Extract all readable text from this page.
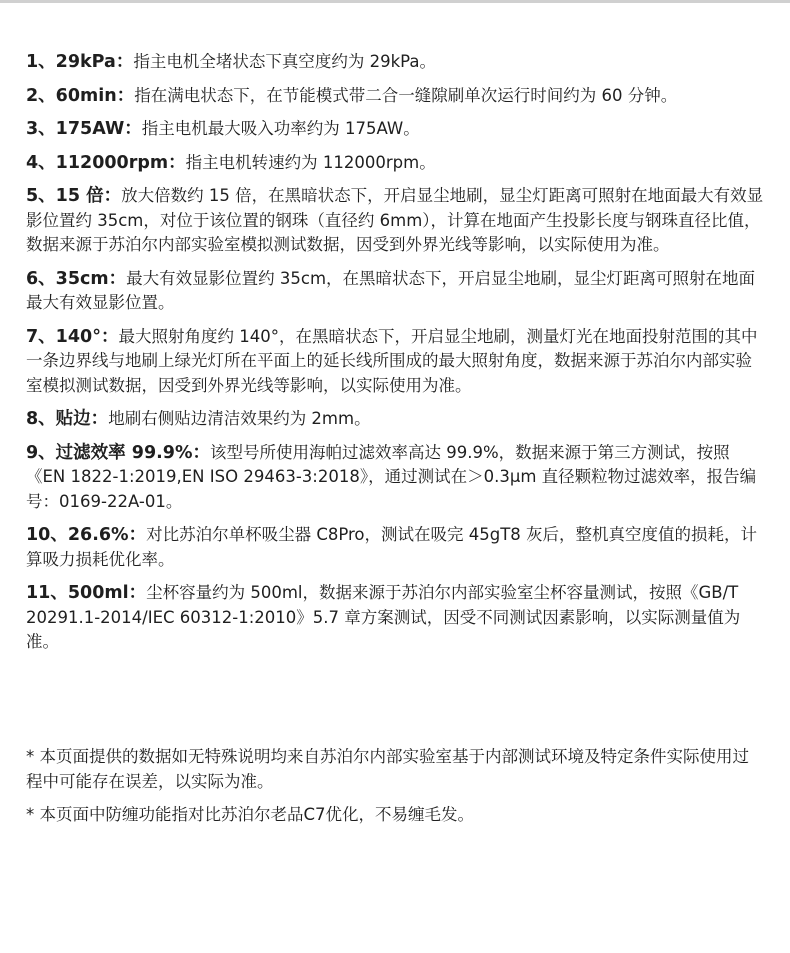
1、29kPa：指主电机全堵状态下真空度约为 29kPa。

2、60min：指在满电状态下，在节能模式带二合一缝隙刷单次运行时间约为 60 分钟。

3、175AW：指主电机最大吸入功率约为 175AW。

4、112000rpm：指主电机转速约为 112000rpm。

5、15 倍：放大倍数约 15 倍，在黑暗状态下，开启显尘地刷，显尘灯距离可照射在地面最大有效显影位置约 35cm，对位于该位置的钢珠（直径约 6mm），计算在地面产生投影长度与钢珠直径比值，数据来源于苏泊尔内部实验室模拟测试数据，因受到外界光线等影响，以实际使用为准。

6、35cm：最大有效显影位置约 35cm，在黑暗状态下，开启显尘地刷，显尘灯距离可照射在地面最大有效显影位置。

7、140°：最大照射角度约 140°，在黑暗状态下，开启显尘地刷，测量灯光在地面投射范围的其中一条边界线与地刷上绿光灯所在平面上的延长线所围成的最大照射角度，数据来源于苏泊尔内部实验室模拟测试数据，因受到外界光线等影响，以实际使用为准。

8、贴边：地刷右侧贴边清洁效果约为 2mm。

9、过滤效率 99.9%：该型号所使用海帕过滤效率高达 99.9%，数据来源于第三方测试，按照《EN 1822-1:2019,EN ISO 29463-3:2018》，通过测试在＞0.3μm 直径颗粒物过滤效率，报告编号：0169-22A-01。

10、26.6%：对比苏泊尔单杯吸尘器 C8Pro，测试在吸完 45gT8 灰后，整机真空度值的损耗，计算吸力损耗优化率。

11、500ml：尘杯容量约为 500ml，数据来源于苏泊尔内部实验室尘杯容量测试，按照《GB/T 20291.1-2014/IEC 60312-1:2010》5.7 章方案测试，因受不同测试因素影响，以实际测量值为准。

* 本页面提供的数据如无特殊说明均来自苏泊尔内部实验室基于内部测试环境及特定条件实际使用过程中可能存在误差，以实际为准。

* 本页面中防缠功能指对比苏泊尔老品C7优化，不易缠毛发。
